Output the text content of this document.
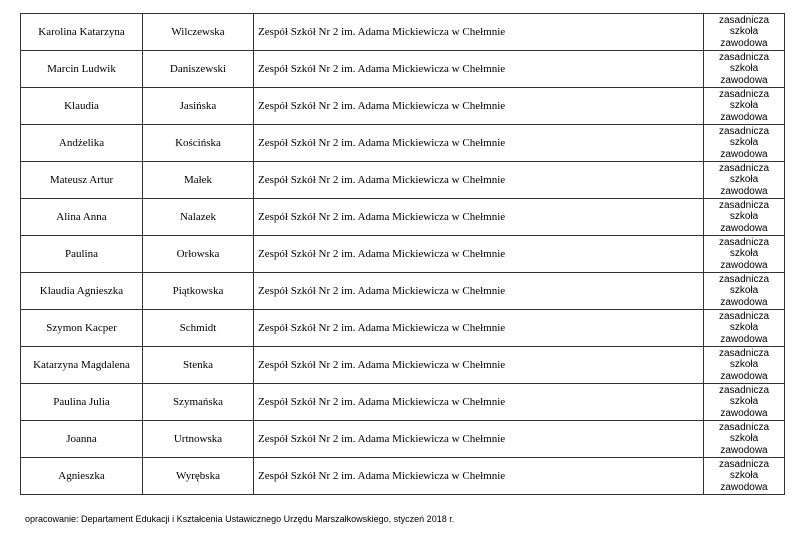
Karolina Katarzyna	Wilczewska	Zespół Szkół Nr 2 im. Adama Mickiewicza w Chełmnie	zasadnicza
szkoła
zawodowa

Marcin Ludwik	Daniszewski	Zespół Szkół Nr 2 im. Adama Mickiewicza w Chełmnie	zasadnicza
szkoła
zawodowa

Klaudia	Jasińska	Zespół Szkół Nr 2 im. Adama Mickiewicza w Chełmnie	zasadnicza
szkoła
zawodowa

Andżelika	Kościńska	Zespół Szkół Nr 2 im. Adama Mickiewicza w Chełmnie	zasadnicza
szkoła
zawodowa

Mateusz Artur	Małek	Zespół Szkół Nr 2 im. Adama Mickiewicza w Chełmnie	zasadnicza
szkoła
zawodowa

Alina Anna	Nalazek	Zespół Szkół Nr 2 im. Adama Mickiewicza w Chełmnie	zasadnicza
szkoła
zawodowa

Paulina	Orłowska	Zespół Szkół Nr 2 im. Adama Mickiewicza w Chełmnie	zasadnicza
szkoła
zawodowa

Klaudia Agnieszka	Piątkowska	Zespół Szkół Nr 2 im. Adama Mickiewicza w Chełmnie	zasadnicza
szkoła
zawodowa

Szymon Kacper	Schmidt	Zespół Szkół Nr 2 im. Adama Mickiewicza w Chełmnie	zasadnicza
szkoła
zawodowa

Katarzyna Magdalena	Stenka	Zespół Szkół Nr 2 im. Adama Mickiewicza w Chełmnie	zasadnicza
szkoła
zawodowa

Paulina Julia	Szymańska	Zespół Szkół Nr 2 im. Adama Mickiewicza w Chełmnie	zasadnicza
szkoła
zawodowa

Joanna	Urtnowska	Zespół Szkół Nr 2 im. Adama Mickiewicza w Chełmnie	zasadnicza
szkoła
zawodowa

Agnieszka	Wyrębska	Zespół Szkół Nr 2 im. Adama Mickiewicza w Chełmnie	zasadnicza
szkoła
zawodowa
opracowanie: Departament Edukacji i Kształcenia Ustawicznego Urzędu Marszałkowskiego, styczeń 2018 r.
